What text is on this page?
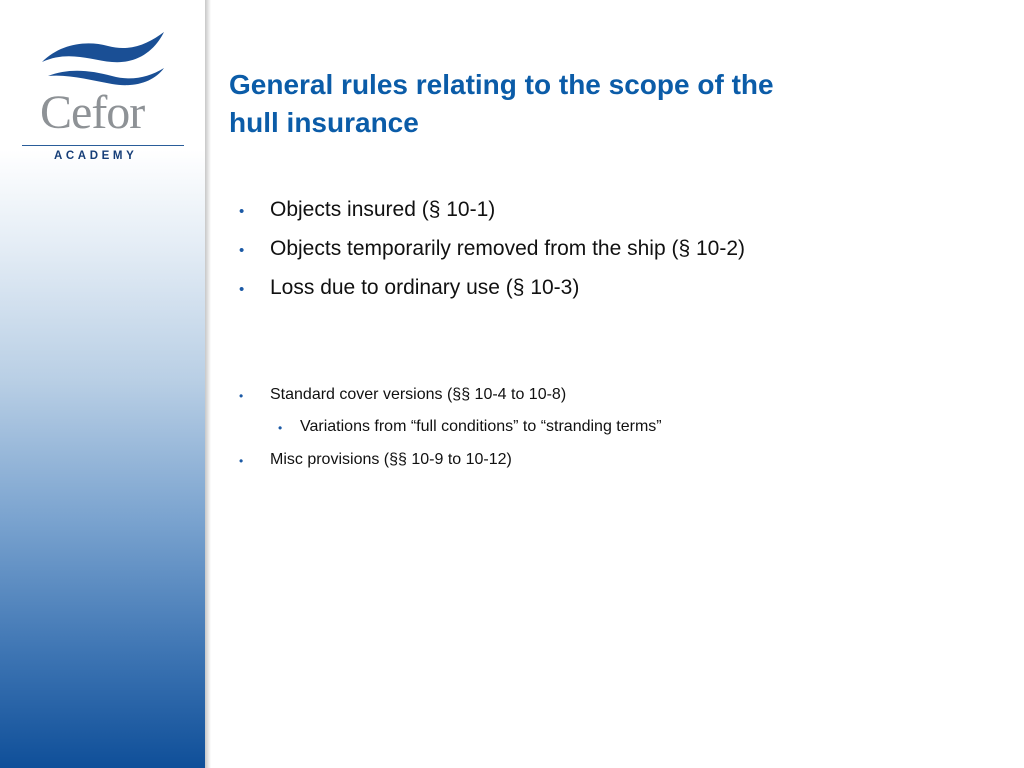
Cefor
ACADEMY
General rules relating to the scope of the
hull insurance
• Objects insured (§ 10-1)
• Objects temporarily removed from the ship (§ 10-2)
• Loss due to ordinary use (§ 10-3)
• Standard cover versions (§§ 10-4 to 10-8)
• Variations from “full conditions” to “stranding terms”
• Misc provisions (§§ 10-9 to 10-12)
